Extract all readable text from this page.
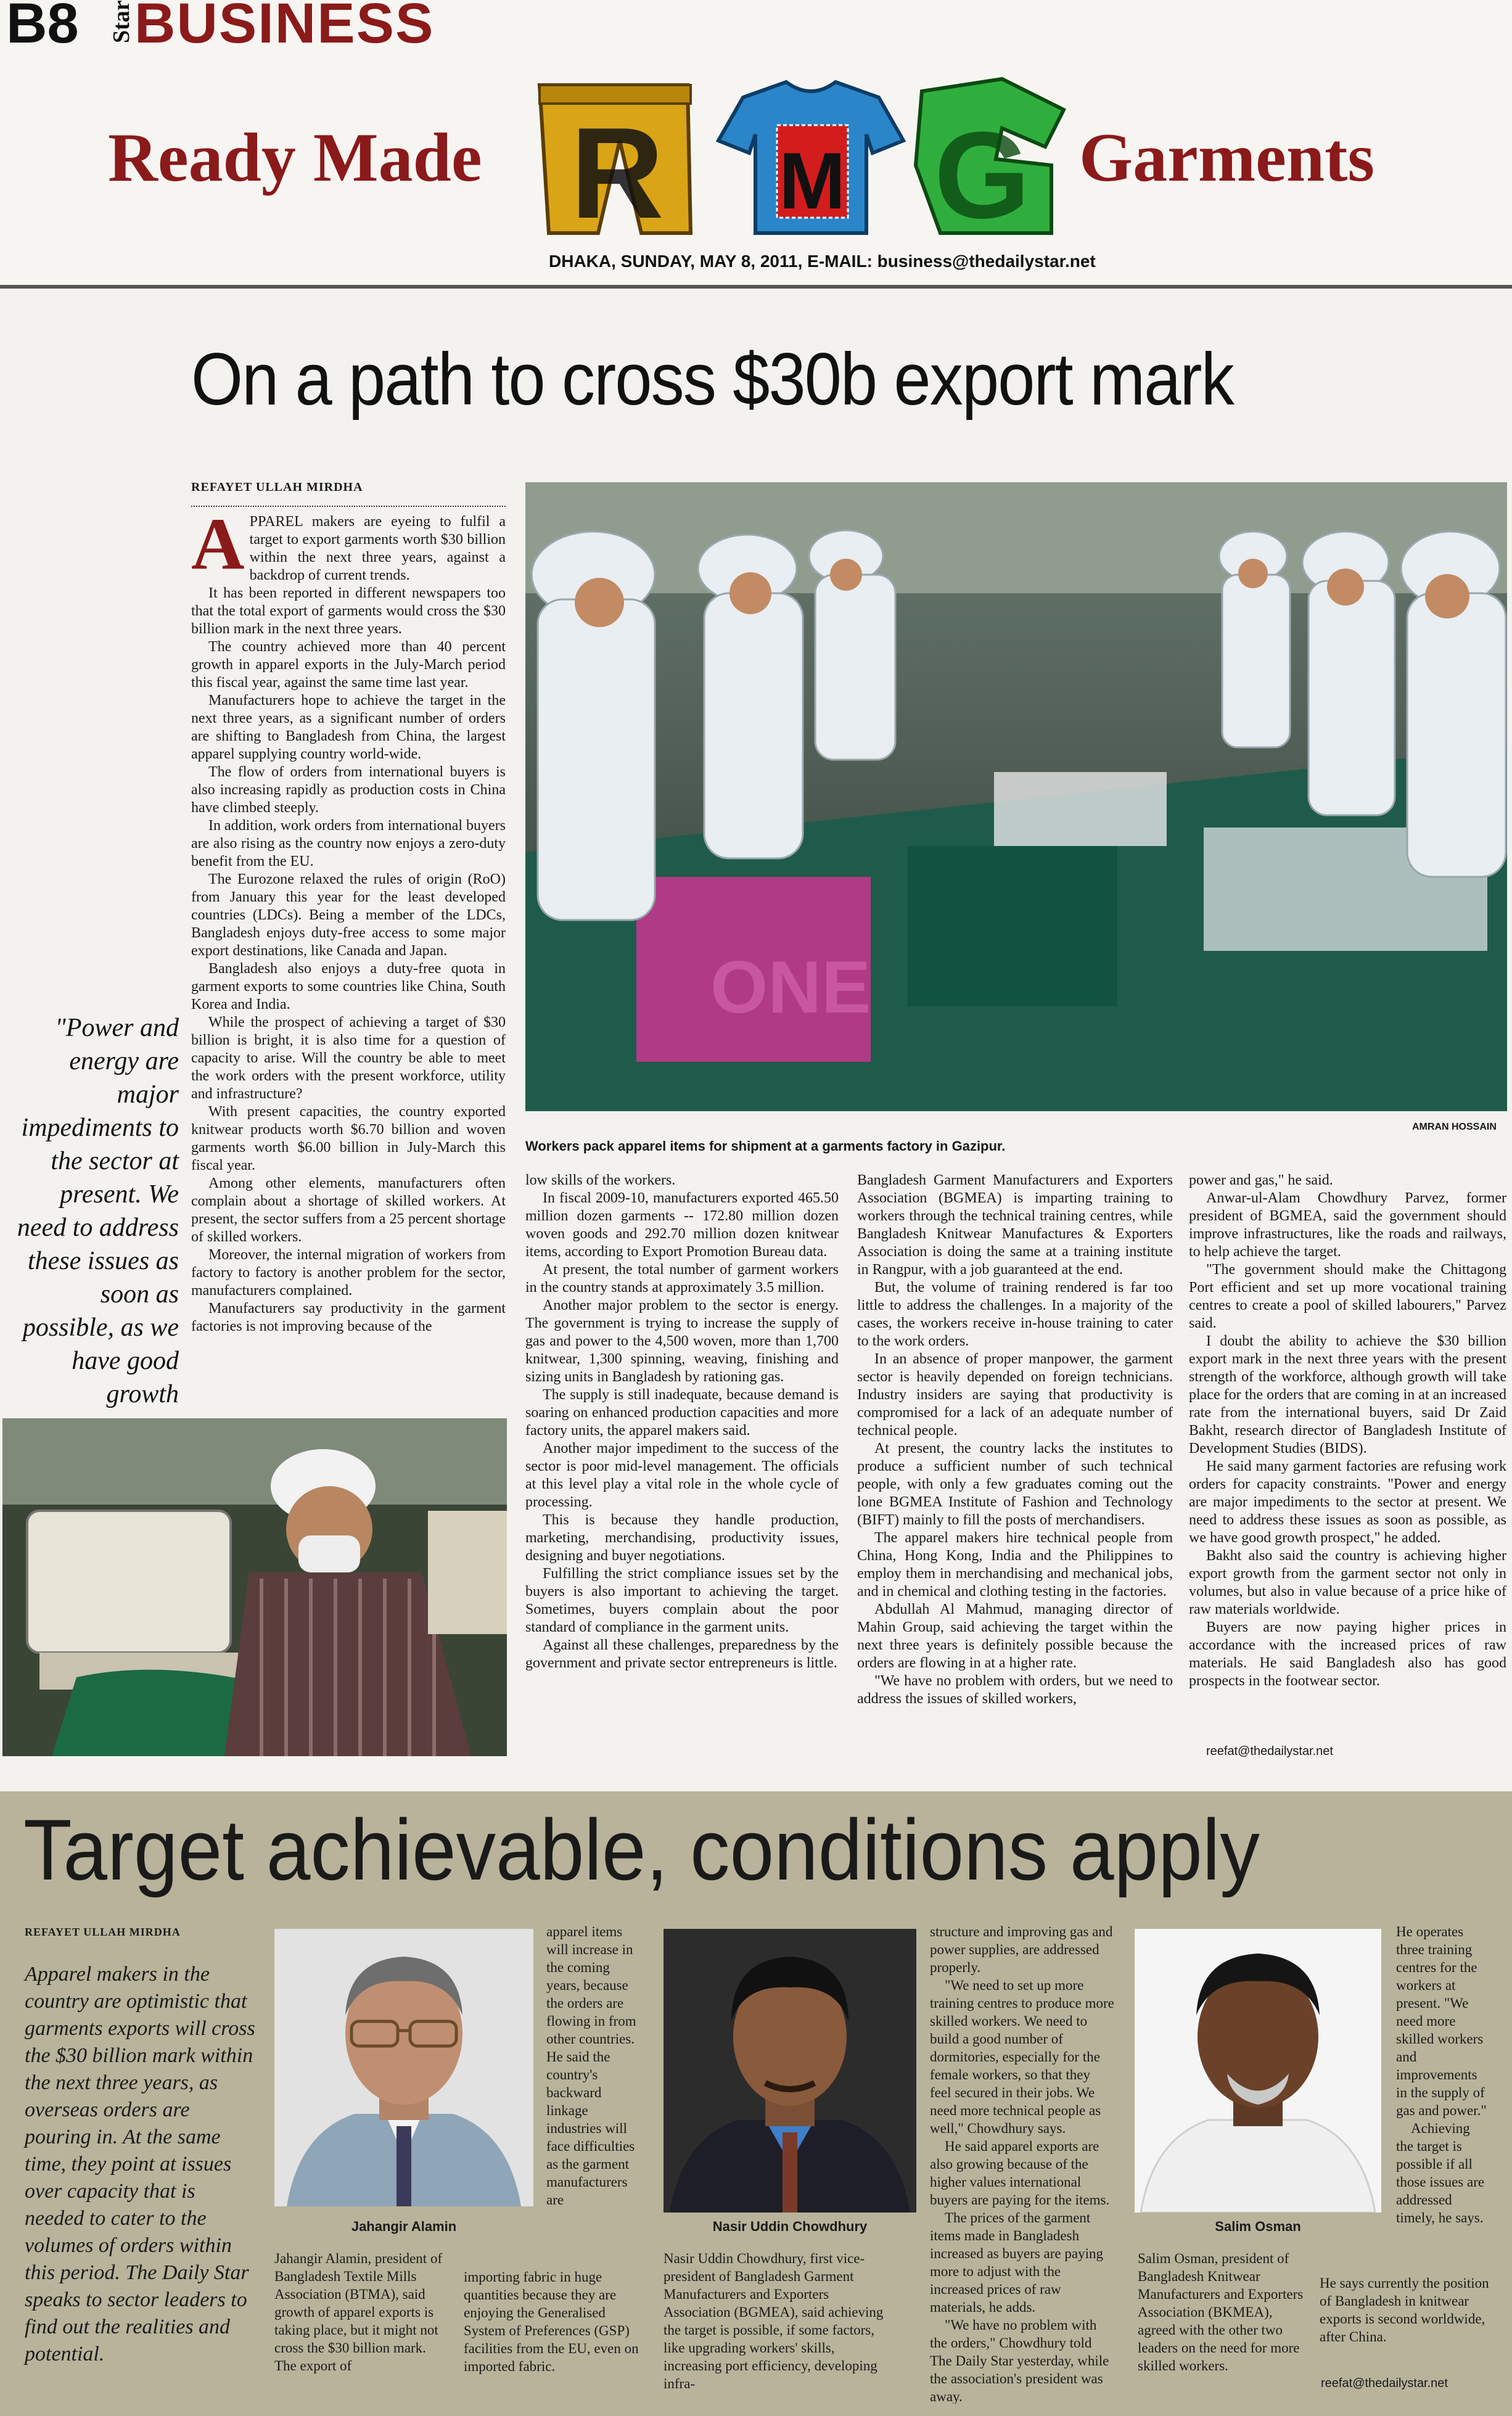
B8 Star BUSINESS
Ready Made R M G Garments
DHAKA, SUNDAY, MAY 8, 2011, E-MAIL: business@thedailystar.net
On a path to cross $30b export mark
REFAYET ULLAH MIRDHA

APPAREL makers are eyeing to fulfil a target to export garments worth $30 billion within the next three years, against a backdrop of current trends.

It has been reported in different newspapers too that the total export of garments would cross the $30 billion mark in the next three years.

The country achieved more than 40 percent growth in apparel exports in the July-March period this fiscal year, against the same time last year.

Manufacturers hope to achieve the target in the next three years, as a significant number of orders are shifting to Bangladesh from China, the largest apparel supplying country world-wide.

The flow of orders from international buyers is also increasing rapidly as production costs in China have climbed steeply.

In addition, work orders from international buyers are also rising as the country now enjoys a zero-duty benefit from the EU.

The Eurozone relaxed the rules of origin (RoO) from January this year for the least developed countries (LDCs). Being a member of the LDCs, Bangladesh enjoys duty-free access to some major export destinations, like Canada and Japan.

Bangladesh also enjoys a duty-free quota in garment exports to some countries like China, South Korea and India.

While the prospect of achieving a target of $30 billion is bright, it is also time for a question of capacity to arise. Will the country be able to meet the work orders with the present workforce, utility and infrastructure?

With present capacities, the country exported knitwear products worth $6.70 billion and woven garments worth $6.00 billion in July-March this fiscal year.

Among other elements, manufacturers often complain about a shortage of skilled workers. At present, the sector suffers from a 25 percent shortage of skilled workers.

Moreover, the internal migration of workers from factory to factory is another problem for the sector, manufacturers complained.

Manufacturers say productivity in the garment factories is not improving because of the

"Power and energy are major impediments to the sector at present. We need to address these issues as soon as possible, as we have good growth
ONE
Workers pack apparel items for shipment at a garments factory in Gazipur.
AMRAN HOSSAIN

low skills of the workers.

In fiscal 2009-10, manufacturers exported 465.50 million dozen garments -- 172.80 million dozen woven goods and 292.70 million dozen knitwear items, according to Export Promotion Bureau data.

At present, the total number of garment workers in the country stands at approximately 3.5 million.

Another major problem to the sector is energy. The government is trying to increase the supply of gas and power to the 4,500 woven, more than 1,700 knitwear, 1,300 spinning, weaving, finishing and sizing units in Bangladesh by rationing gas.

The supply is still inadequate, because demand is soaring on enhanced production capacities and more factory units, the apparel makers said.

Another major impediment to the success of the sector is poor mid-level management. The officials at this level play a vital role in the whole cycle of processing.

This is because they handle production, marketing, merchandising, productivity issues, designing and buyer negotiations.

Fulfilling the strict compliance issues set by the buyers is also important to achieving the target. Sometimes, buyers complain about the poor standard of compliance in the garment units.

Against all these challenges, preparedness by the government and private sector entrepreneurs is little.

Bangladesh Garment Manufacturers and Exporters Association (BGMEA) is imparting training to workers through the technical training centres, while Bangladesh Knitwear Manufactures & Exporters Association is doing the same at a training institute in Rangpur, with a job guaranteed at the end.

But, the volume of training rendered is far too little to address the challenges. In a majority of the cases, the workers receive in-house training to cater to the work orders.

In an absence of proper manpower, the garment sector is heavily depended on foreign technicians. Industry insiders are saying that productivity is compromised for a lack of an adequate number of technical people.

At present, the country lacks the institutes to produce a sufficient number of such technical people, with only a few graduates coming out the lone BGMEA Institute of Fashion and Technology (BIFT) mainly to fill the posts of merchandisers.

The apparel makers hire technical people from China, Hong Kong, India and the Philippines to employ them in merchandising and mechanical jobs, and in chemical and clothing testing in the factories.

Abdullah Al Mahmud, managing director of Mahin Group, said achieving the target within the next three years is definitely possible because the orders are flowing in at a higher rate.

"We have no problem with orders, but we need to address the issues of skilled workers,

power and gas," he said.

Anwar-ul-Alam Chowdhury Parvez, former president of BGMEA, said the government should improve infrastructures, like the roads and railways, to help achieve the target.

"The government should make the Chittagong Port efficient and set up more vocational training centres to create a pool of skilled labourers," Parvez said.

I doubt the ability to achieve the $30 billion export mark in the next three years with the present strength of the workforce, although growth will take place for the orders that are coming in at an increased rate from the international buyers, said Dr Zaid Bakht, research director of Bangladesh Institute of Development Studies (BIDS).

He said many garment factories are refusing work orders for capacity constraints. "Power and energy are major impediments to the sector at present. We need to address these issues as soon as possible, as we have good growth prospect," he added.

Bakht also said the country is achieving higher export growth from the garment sector not only in volumes, but also in value because of a price hike of raw materials worldwide.

Buyers are now paying higher prices in accordance with the increased prices of raw materials. He said Bangladesh also has good prospects in the footwear sector.

reefat@thedailystar.net
Target achievable, conditions apply
REFAYET ULLAH MIRDHA
Apparel makers in the country are optimistic that garments exports will cross the $30 billion mark within the next three years, as overseas orders are pouring in. At the same time, they point at issues over capacity that is needed to cater to the volumes of orders within this period. The Daily Star speaks to sector leaders to find out the realities and potential.
Jahangir Alamin

Jahangir Alamin, president of Bangladesh Textile Mills Association (BTMA), said growth of apparel exports is taking place, but it might not cross the $30 billion mark. The export of

apparel items will increase in the coming years, because the orders are flowing in from other countries. He said the country's backward linkage industries will face difficulties as the garment manufacturers are

importing fabric in huge quantities because they are enjoying the Generalised System of Preferences (GSP) facilities from the EU, even on imported fabric.

Nasir Uddin Chowdhury

Nasir Uddin Chowdhury, first vice-president of Bangladesh Garment Manufacturers and Exporters Association (BGMEA), said achieving the target is possible, if some factors, like upgrading workers' skills, increasing port efficiency, developing infra-

structure and improving gas and power supplies, are addressed properly.

"We need to set up more training centres to produce more skilled workers. We need to build a good number of dormitories, especially for the female workers, so that they feel secured in their jobs. We need more technical people as well," Chowdhury says.

He said apparel exports are also growing because of the higher values international buyers are paying for the items.

The prices of the garment items made in Bangladesh increased as buyers are paying more to adjust with the increased prices of raw materials, he adds.

"We have no problem with the orders," Chowdhury told The Daily Star yesterday, while the association's president was away.

Salim Osman

Salim Osman, president of Bangladesh Knitwear Manufacturers and Exporters Association (BKMEA), agreed with the other two leaders on the need for more skilled workers.

He operates three training centres for the workers at present. "We need more skilled workers and improvements in the supply of gas and power."

Achieving the target is possible if all those issues are addressed timely, he says.

He says currently the position of Bangladesh in knitwear exports is second worldwide, after China.

reefat@thedailystar.net
